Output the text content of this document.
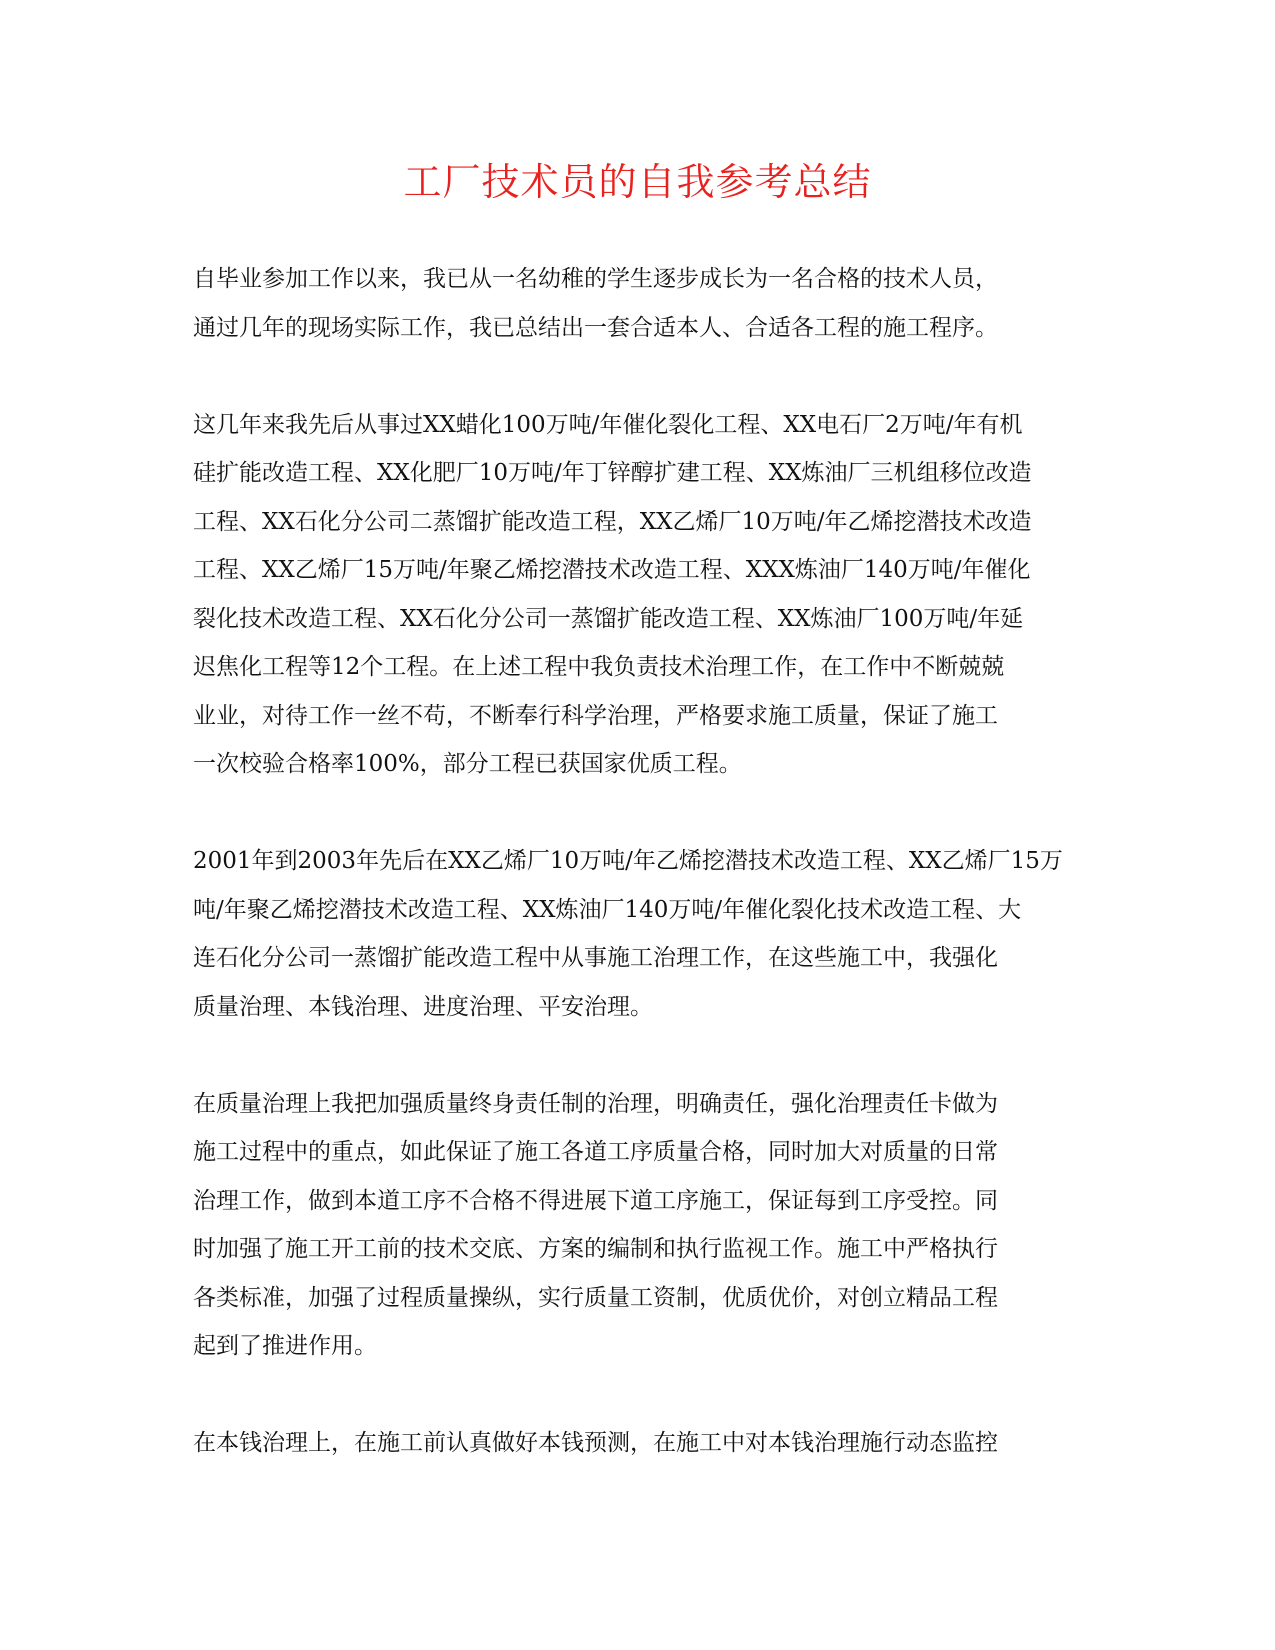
工厂技术员的自我参考总结
自毕业参加工作以来，我已从一名幼稚的学生逐步成长为一名合格的技术人员，
通过几年的现场实际工作，我已总结出一套合适本人、合适各工程的施工程序。
这几年来我先后从事过XX蜡化100万吨/年催化裂化工程、XX电石厂2万吨/年有机
硅扩能改造工程、XX化肥厂10万吨/年丁锌醇扩建工程、XX炼油厂三机组移位改造
工程、XX石化分公司二蒸馏扩能改造工程，XX乙烯厂10万吨/年乙烯挖潜技术改造
工程、XX乙烯厂15万吨/年聚乙烯挖潜技术改造工程、XXX炼油厂140万吨/年催化
裂化技术改造工程、XX石化分公司一蒸馏扩能改造工程、XX炼油厂100万吨/年延
迟焦化工程等12个工程。在上述工程中我负责技术治理工作，在工作中不断兢兢
业业，对待工作一丝不苟，不断奉行科学治理，严格要求施工质量，保证了施工
一次校验合格率100%，部分工程已获国家优质工程。
2001年到2003年先后在XX乙烯厂10万吨/年乙烯挖潜技术改造工程、XX乙烯厂15万
吨/年聚乙烯挖潜技术改造工程、XX炼油厂140万吨/年催化裂化技术改造工程、大
连石化分公司一蒸馏扩能改造工程中从事施工治理工作，在这些施工中，我强化
质量治理、本钱治理、进度治理、平安治理。
在质量治理上我把加强质量终身责任制的治理，明确责任，强化治理责任卡做为
施工过程中的重点，如此保证了施工各道工序质量合格，同时加大对质量的日常
治理工作，做到本道工序不合格不得进展下道工序施工，保证每到工序受控。同
时加强了施工开工前的技术交底、方案的编制和执行监视工作。施工中严格执行
各类标准，加强了过程质量操纵，实行质量工资制，优质优价，对创立精品工程
起到了推进作用。
在本钱治理上，在施工前认真做好本钱预测，在施工中对本钱治理施行动态监控
